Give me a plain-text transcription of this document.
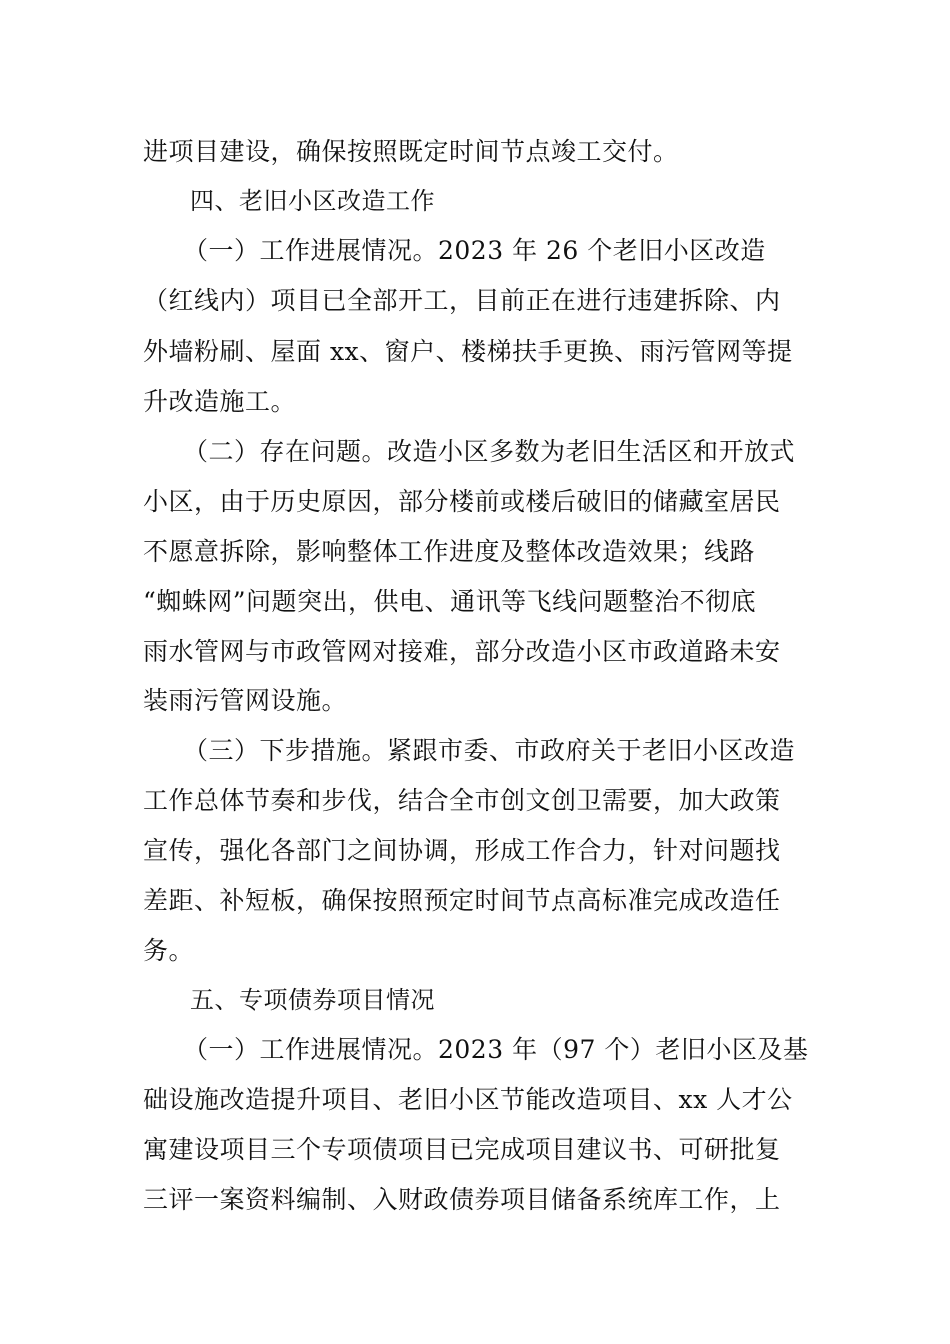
进项目建设，确保按照既定时间节点竣工交付。
四、老旧小区改造工作
（一）工作进展情况。2023 年 26 个老旧小区改造
（红线内）项目已全部开工，目前正在进行违建拆除、内
外墙粉刷、屋面 xx、窗户、楼梯扶手更换、雨污管网等提
升改造施工。
（二）存在问题。改造小区多数为老旧生活区和开放式
小区，由于历史原因，部分楼前或楼后破旧的储藏室居民
不愿意拆除，影响整体工作进度及整体改造效果；线路
“蜘蛛网”问题突出，供电、通讯等飞线问题整治不彻底
雨水管网与市政管网对接难，部分改造小区市政道路未安
装雨污管网设施。
（三）下步措施。紧跟市委、市政府关于老旧小区改造
工作总体节奏和步伐，结合全市创文创卫需要，加大政策
宣传，强化各部门之间协调，形成工作合力，针对问题找
差距、补短板，确保按照预定时间节点高标准完成改造任
务。
五、专项债券项目情况
（一）工作进展情况。2023 年（97 个）老旧小区及基
础设施改造提升项目、老旧小区节能改造项目、xx 人才公
寓建设项目三个专项债项目已完成项目建议书、可研批复
三评一案资料编制、入财政债券项目储备系统库工作，上
